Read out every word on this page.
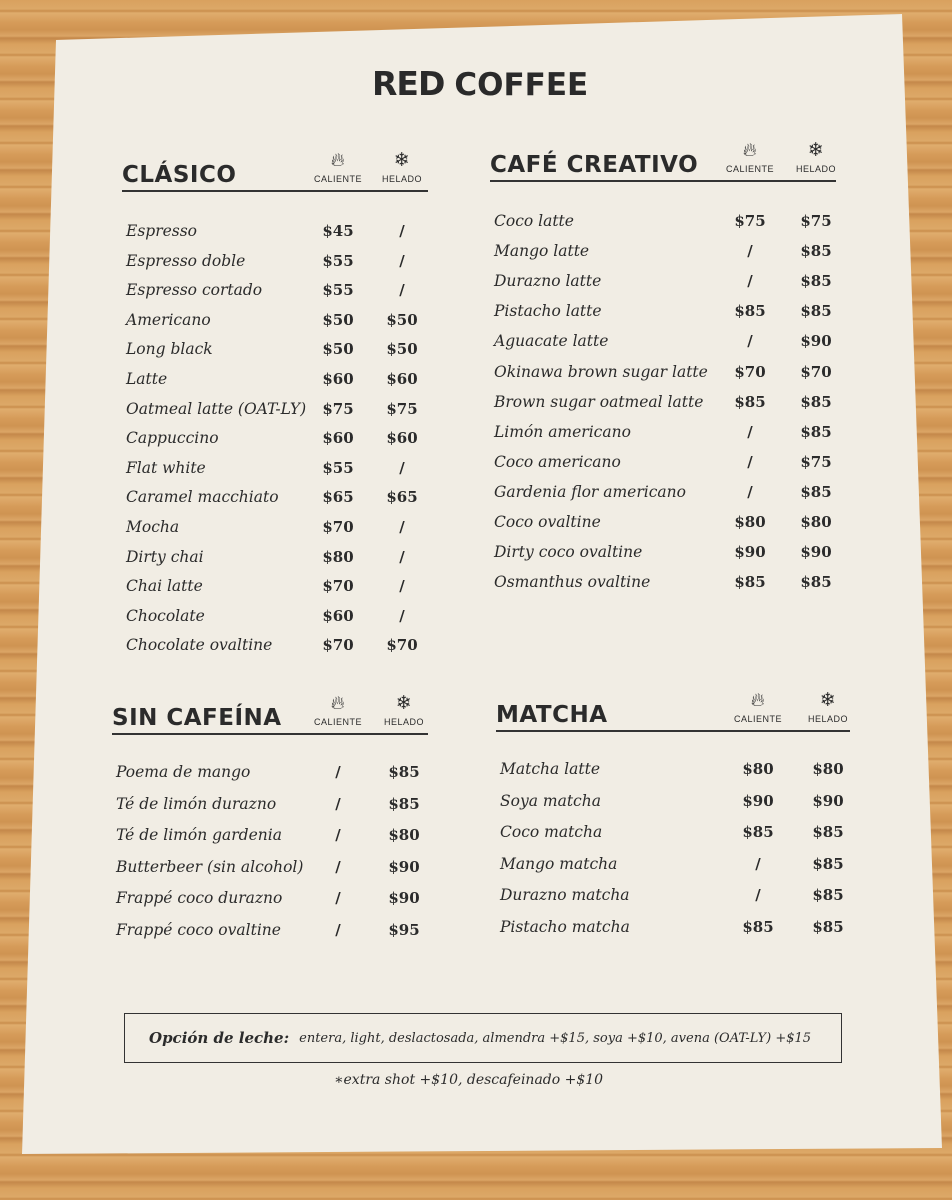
RED COFFEE
CLÁSICO
🔥︎
CALIENTE
❄
HELADO
Espresso	$45	/
Espresso doble	$55	/
Espresso cortado	$55	/
Americano	$50	$50
Long black	$50	$50
Latte	$60	$60
Oatmeal latte (OAT-LY)	$75	$75
Cappuccino	$60	$60
Flat white	$55	/
Caramel macchiato	$65	$65
Mocha	$70	/
Dirty chai	$80	/
Chai latte	$70	/
Chocolate	$60	/
Chocolate ovaltine	$70	$70
CAFÉ CREATIVO
🔥︎
CALIENTE
❄
HELADO
Coco latte	$75	$75
Mango latte	/	$85
Durazno latte	/	$85
Pistacho latte	$85	$85
Aguacate latte	/	$90
Okinawa brown sugar latte	$70	$70
Brown sugar oatmeal latte	$85	$85
Limón americano	/	$85
Coco americano	/	$75
Gardenia flor americano	/	$85
Coco ovaltine	$80	$80
Dirty coco ovaltine	$90	$90
Osmanthus ovaltine	$85	$85
SIN CAFEÍNA
🔥︎
CALIENTE
❄
HELADO
Poema de mango	/	$85
Té de limón durazno	/	$85
Té de limón gardenia	/	$80
Butterbeer (sin alcohol)	/	$90
Frappé coco durazno	/	$90
Frappé coco ovaltine	/	$95
MATCHA
🔥︎
CALIENTE
❄
HELADO
Matcha latte	$80	$80
Soya matcha	$90	$90
Coco matcha	$85	$85
Mango matcha	/	$85
Durazno matcha	/	$85
Pistacho matcha	$85	$85
Opción de leche: entera, light, deslactosada, almendra +$15, soya +$10, avena (OAT-LY) +$15
∗extra shot +$10, descafeinado +$10
